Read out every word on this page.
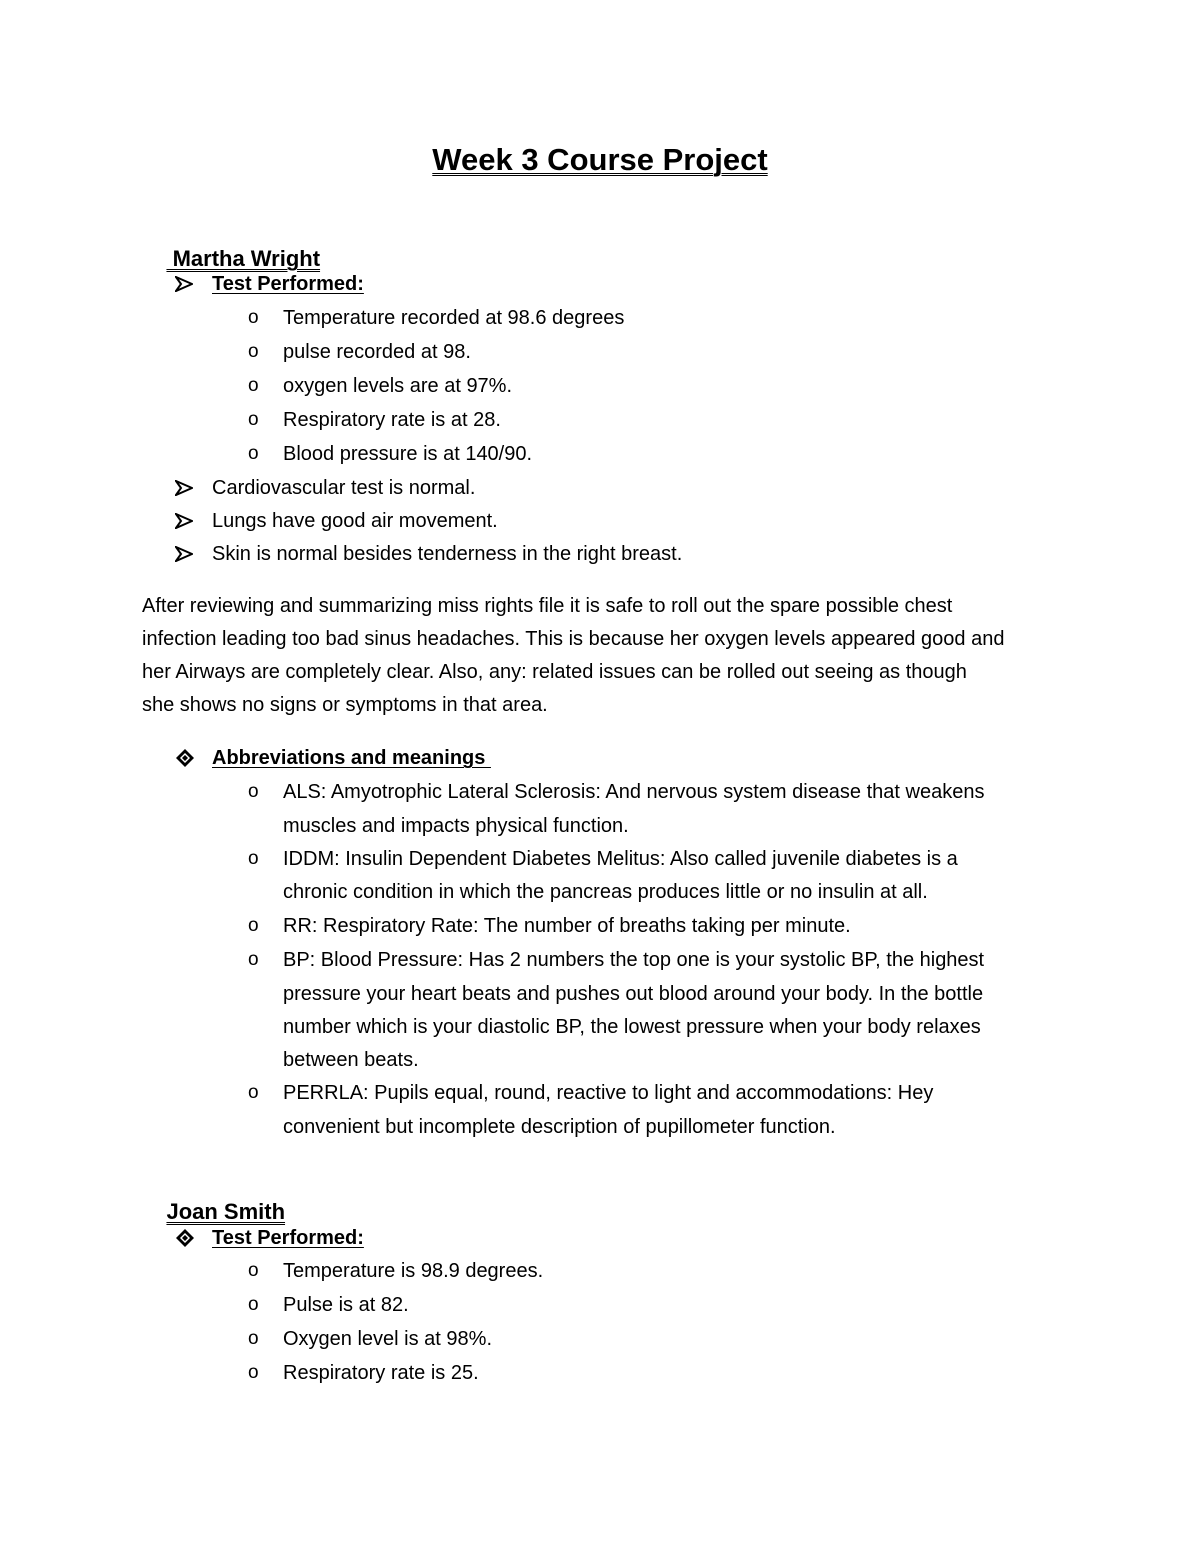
Week 3 Course Project

Martha Wright

Test Performed:
o	Temperature recorded at 98.6 degrees
o	pulse recorded at 98.
o	oxygen levels are at 97%.
o	Respiratory rate is at 28.
o	Blood pressure is at 140/90.
Cardiovascular test is normal.
Lungs have good air movement.
Skin is normal besides tenderness in the right breast.
After reviewing and summarizing miss rights file it is safe to roll out the spare possible chest
infection leading too bad sinus headaches. This is because her oxygen levels appeared good and
her Airways are completely clear. Also, any: related issues can be rolled out seeing as though
she shows no signs or symptoms in that area.
Abbreviations and meanings
o	ALS: Amyotrophic Lateral Sclerosis: And nervous system disease that weakens
muscles and impacts physical function.
o	IDDM: Insulin Dependent Diabetes Melitus: Also called juvenile diabetes is a
chronic condition in which the pancreas produces little or no insulin at all.
o	RR: Respiratory Rate: The number of breaths taking per minute.
o	BP: Blood Pressure: Has 2 numbers the top one is your systolic BP, the highest
pressure your heart beats and pushes out blood around your body. In the bottle
number which is your diastolic BP, the lowest pressure when your body relaxes
between beats.
o	PERRLA: Pupils equal, round, reactive to light and accommodations: Hey
convenient but incomplete description of pupillometer function.

Joan Smith

Test Performed:
o	Temperature is 98.9 degrees.
o	Pulse is at 82.
o	Oxygen level is at 98%.
o	Respiratory rate is 25.
